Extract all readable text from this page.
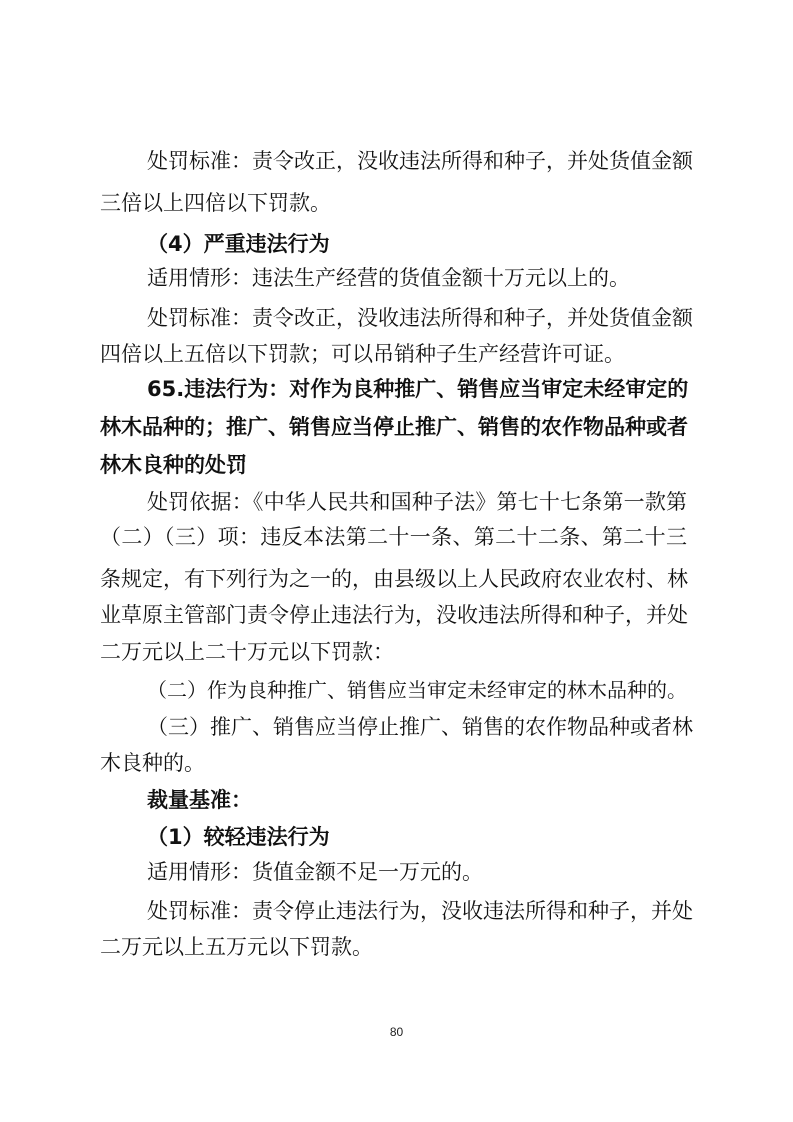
处罚标准：责令改正，没收违法所得和种子，并处货值金额
三倍以上四倍以下罚款。
（4）严重违法行为
适用情形：违法生产经营的货值金额十万元以上的。
处罚标准：责令改正，没收违法所得和种子，并处货值金额
四倍以上五倍以下罚款；可以吊销种子生产经营许可证。
65.违法行为：对作为良种推广、销售应当审定未经审定的
林木品种的；推广、销售应当停止推广、销售的农作物品种或者
林木良种的处罚
处罚依据：《中华人民共和国种子法》第七十七条第一款第
（二）（三）项：违反本法第二十一条、第二十二条、第二十三
条规定，有下列行为之一的，由县级以上人民政府农业农村、林
业草原主管部门责令停止违法行为，没收违法所得和种子，并处
二万元以上二十万元以下罚款：
（二）作为良种推广、销售应当审定未经审定的林木品种的。
（三）推广、销售应当停止推广、销售的农作物品种或者林
木良种的。
裁量基准：
（1）较轻违法行为
适用情形：货值金额不足一万元的。
处罚标准：责令停止违法行为，没收违法所得和种子，并处
二万元以上五万元以下罚款。
80
